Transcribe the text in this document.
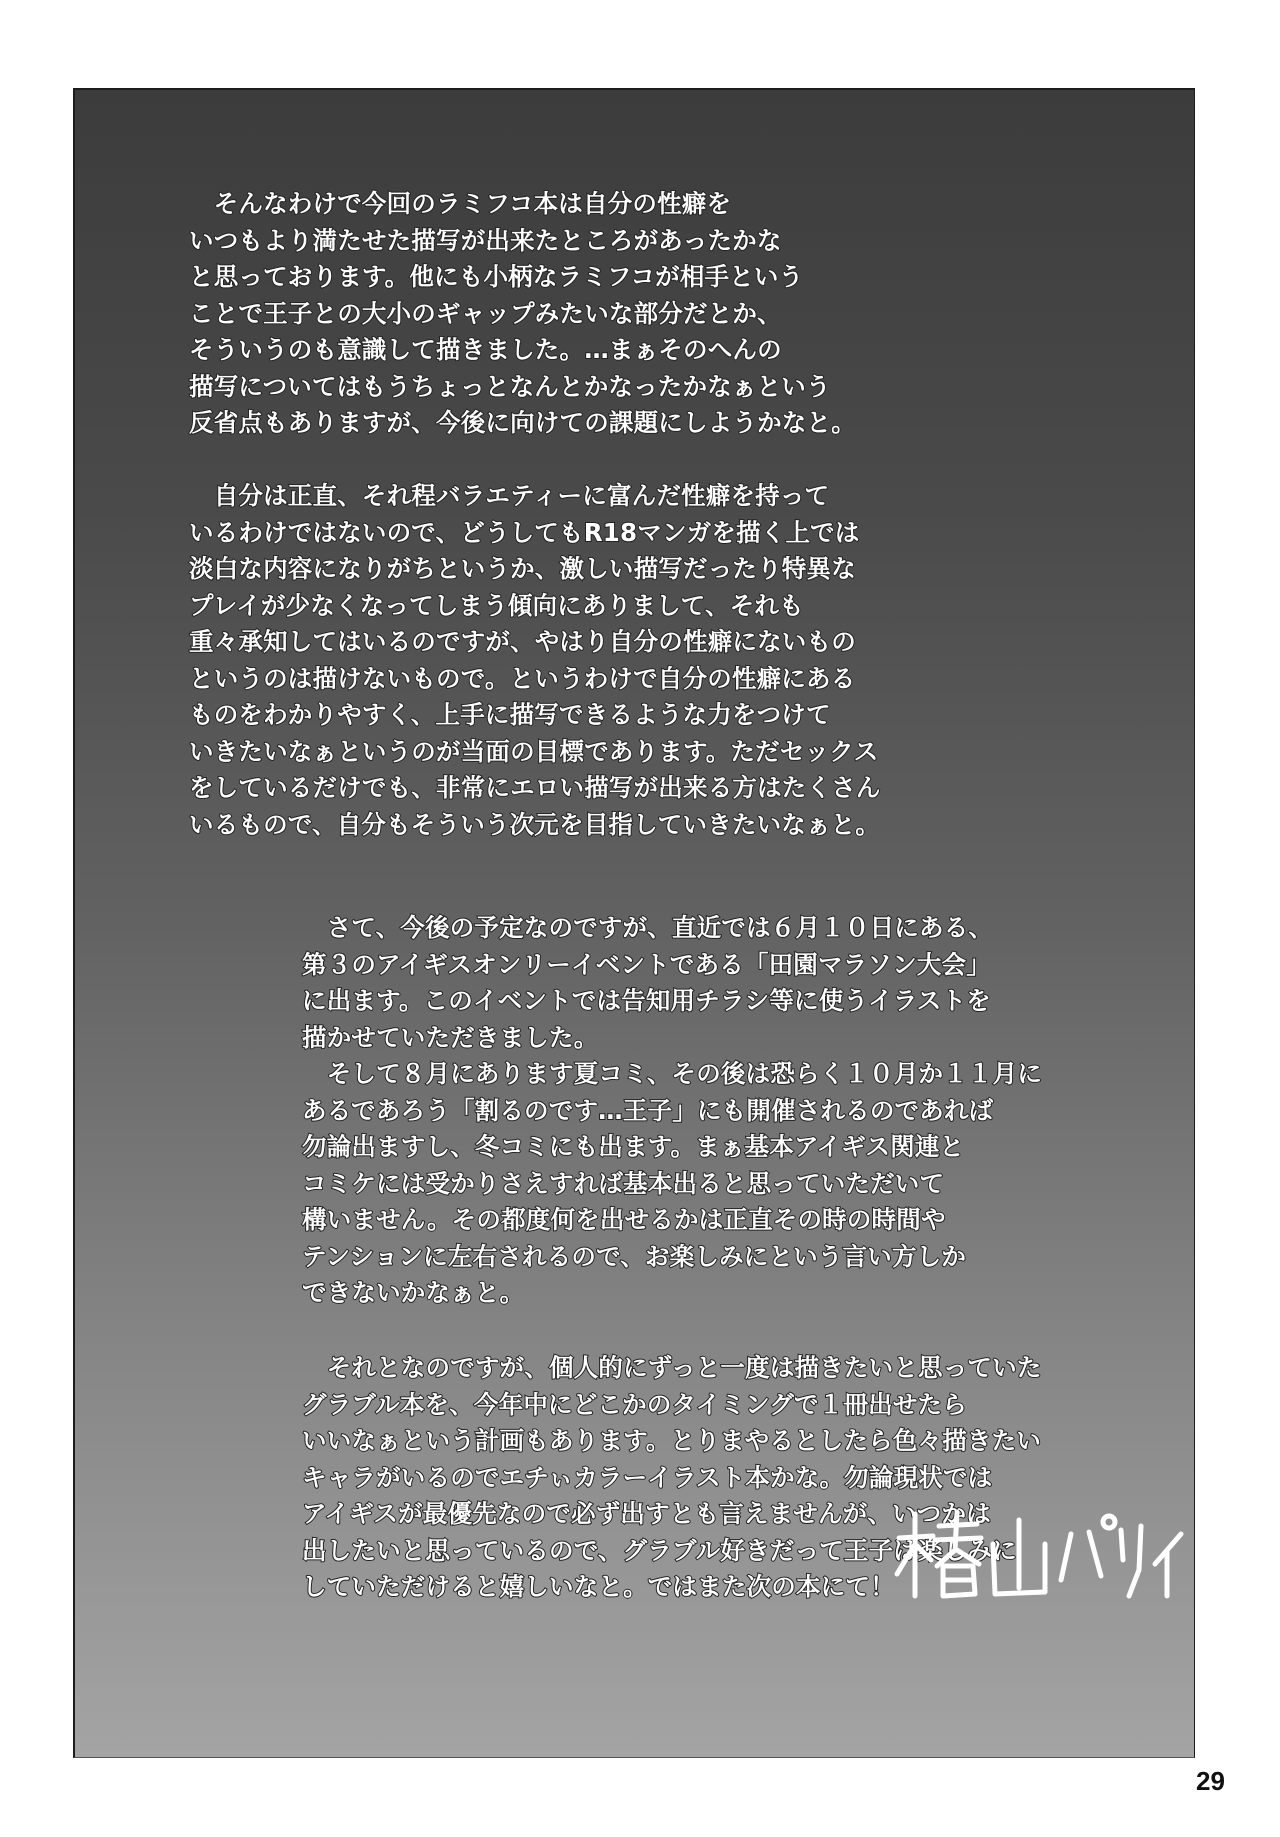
　そんなわけで今回のラミフコ本は自分の性癖を
いつもより満たせた描写が出来たところがあったかな
と思っております。他にも小柄なラミフコが相手という
ことで王子との大小のギャップみたいな部分だとか、
そういうのも意識して描きました。…まぁそのへんの
描写についてはもうちょっとなんとかなったかなぁという
反省点もありますが、今後に向けての課題にしようかなと。
　自分は正直、それ程バラエティーに富んだ性癖を持って
いるわけではないので、どうしてもR18マンガを描く上では
淡白な内容になりがちというか、激しい描写だったり特異な
プレイが少なくなってしまう傾向にありまして、それも
重々承知してはいるのですが、やはり自分の性癖にないもの
というのは描けないもので。というわけで自分の性癖にある
ものをわかりやすく、上手に描写できるような力をつけて
いきたいなぁというのが当面の目標であります。ただセックス
をしているだけでも、非常にエロい描写が出来る方はたくさん
いるもので、自分もそういう次元を目指していきたいなぁと。
　さて、今後の予定なのですが、直近では６月１０日にある、
第３のアイギスオンリーイベントである「田園マラソン大会」
に出ます。このイベントでは告知用チラシ等に使うイラストを
描かせていただきました。
　そして８月にあります夏コミ、その後は恐らく１０月か１１月に
あるであろう「割るのです…王子」にも開催されるのであれば
勿論出ますし、冬コミにも出ます。まぁ基本アイギス関連と
コミケには受かりさえすれば基本出ると思っていただいて
構いません。その都度何を出せるかは正直その時の時間や
テンションに左右されるので、お楽しみにという言い方しか
できないかなぁと。
　それとなのですが、個人的にずっと一度は描きたいと思っていた
グラブル本を、今年中にどこかのタイミングで１冊出せたら
いいなぁという計画もあります。とりまやるとしたら色々描きたい
キャラがいるのでエチぃカラーイラスト本かな。勿論現状では
アイギスが最優先なので必ず出すとも言えませんが、いつかは
出したいと思っているので、グラブル好きだって王子は楽しみに
していただけると嬉しいなと。ではまた次の本にて！
29
